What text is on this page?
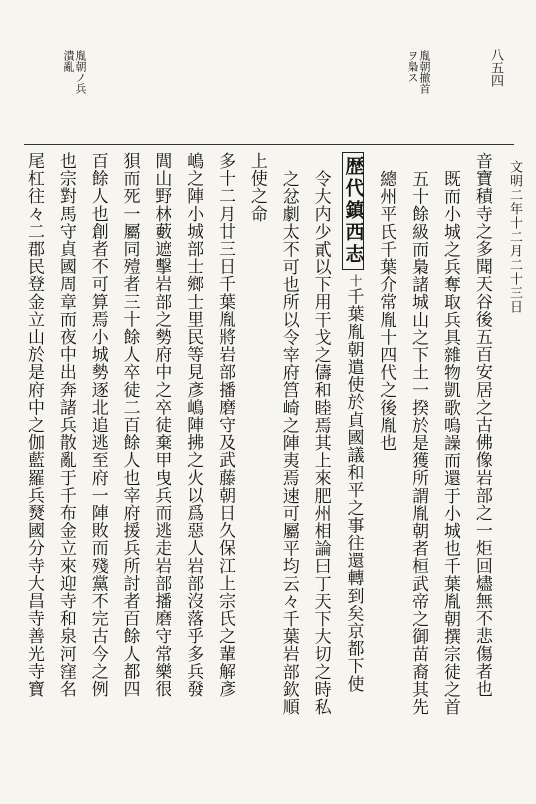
八五四
文明二年十二月二十三日
胤朝撤首
ヲ梟ス
胤朝ノ兵
潰亂
音寶積寺之多聞天谷後五百安居之古佛像岩部之一炬回燼無不悲傷者也
既而小城之兵奪取兵具雜物凱歌嗚譟而還于小城也千葉胤朝撰宗徒之首
五十餘級而梟諸城山之下土一揆於是獲所謂胤朝者桓武帝之御苗裔其先
總州平氏千葉介常胤十四代之後胤也
歴代鎮西志十千葉胤朝遣使於貞國議和平之事往還轉到矣京都下使
令大内少貳以下用干戈之儔和睦焉其上來肥州相論曰丁天下大切之時私
之忿劇太不可也所以令宰府筥崎之陣夷焉速可屬平均云々千葉岩部欽順
上使之命
多十二月廿三日千葉胤將岩部播磨守及武藤朝日久保江上宗氏之輩解彥
嶋之陣小城部士鄉士里民等見彥嶋陣拂之火以爲惡人岩部沒落乎多兵發
閭山野林藪遮擊岩部之勢府中之卒徒棄甲曳兵而逃走岩部播磨守常樂很
狽而死一屬同殪者三十餘人卒徒二百餘人也宰府援兵所討者百餘人都四
百餘人也創者不可算焉小城勢逐北追逃至府一陣敗而殘黨不完古今之例
也宗對馬守貞國周章而夜中出奔諸兵散亂于千布金立來迎寺和泉河窪名
尾杠往々二郡民登金立山於是府中之伽藍羅兵燹國分寺大昌寺善光寺寶
